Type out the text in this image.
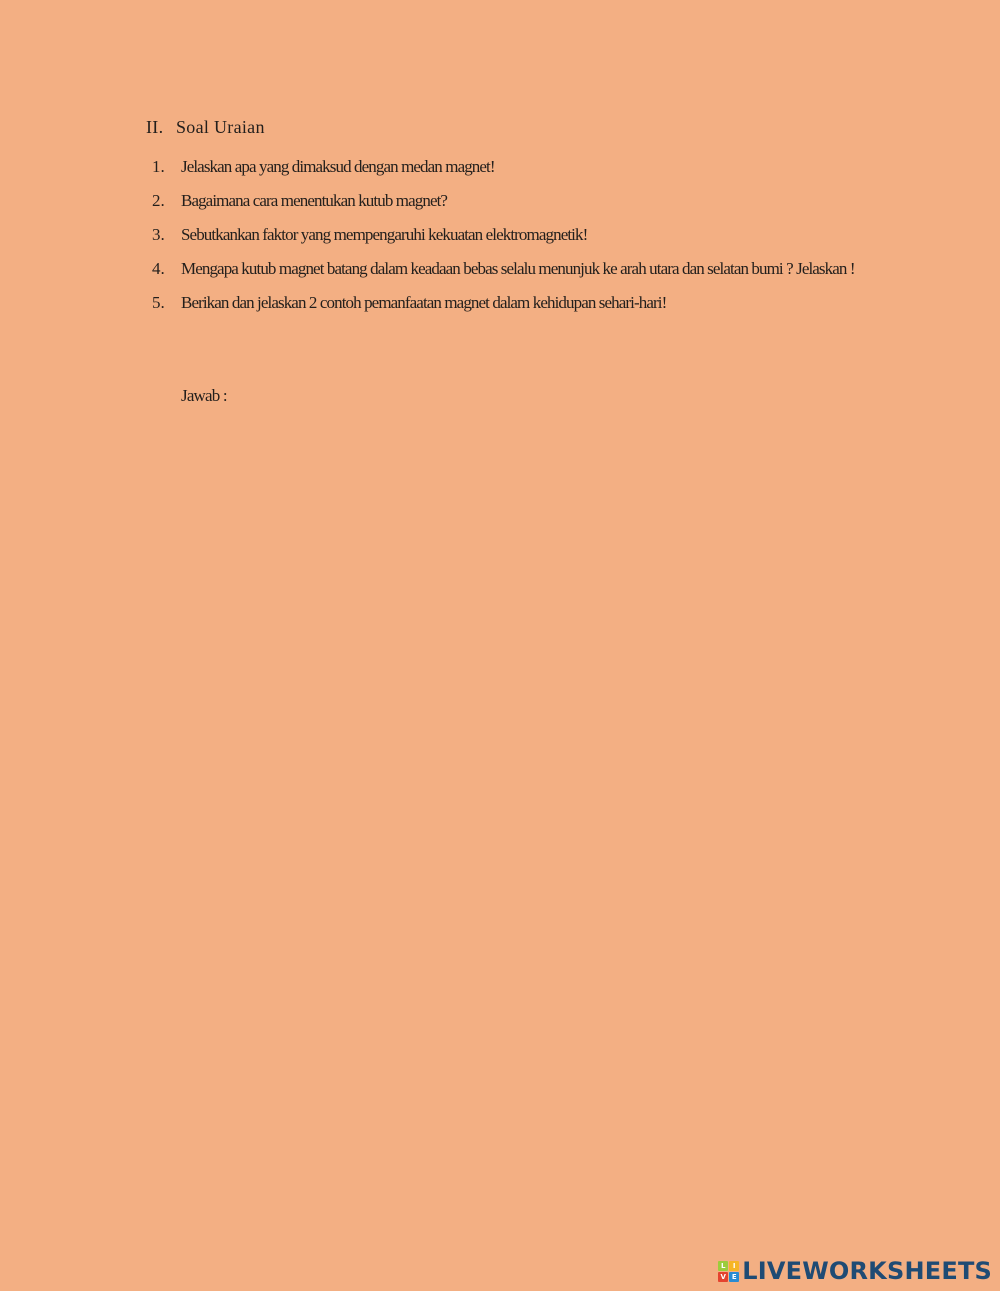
II. Soal Uraian
1. Jelaskan apa yang dimaksud dengan medan magnet!
2. Bagaimana cara menentukan kutub magnet?
3. Sebutkankan faktor yang mempengaruhi kekuatan elektromagnetik!
4. Mengapa kutub magnet batang dalam keadaan bebas selalu menunjuk ke arah utara dan selatan bumi ? Jelaskan !
5. Berikan dan jelaskan 2 contoh pemanfaatan magnet dalam kehidupan sehari-hari!
Jawab :
L	I
V E LIVEWORKSHEETS
